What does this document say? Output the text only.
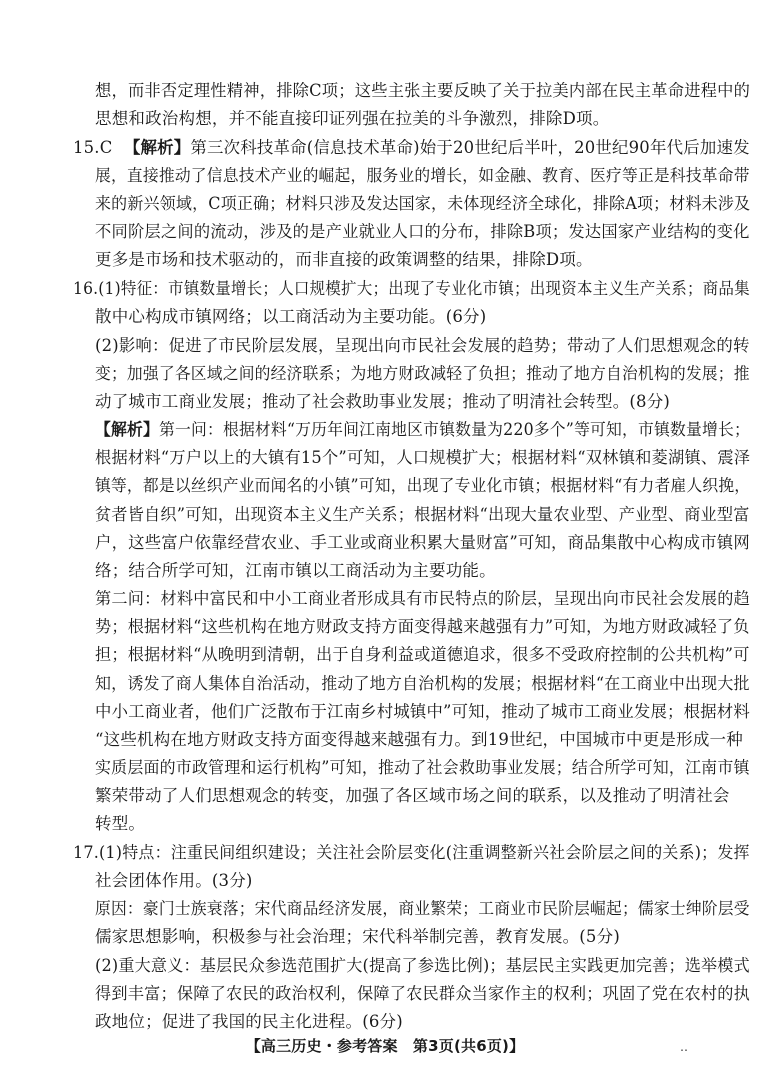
想，而非否定理性精神，排除C项；这些主张主要反映了关于拉美内部在民主革命进程中的
思想和政治构想，并不能直接印证列强在拉美的斗争激烈，排除D项。
15.C 【解析】第三次科技革命(信息技术革命)始于20世纪后半叶，20世纪90年代后加速发
展，直接推动了信息技术产业的崛起，服务业的增长，如金融、教育、医疗等正是科技革命带
来的新兴领域，C项正确；材料只涉及发达国家，未体现经济全球化，排除A项；材料未涉及
不同阶层之间的流动，涉及的是产业就业人口的分布，排除B项；发达国家产业结构的变化
更多是市场和技术驱动的，而非直接的政策调整的结果，排除D项。
16.(1)特征：市镇数量增长；人口规模扩大；出现了专业化市镇；出现资本主义生产关系；商品集
散中心构成市镇网络；以工商活动为主要功能。(6分)
(2)影响：促进了市民阶层发展，呈现出向市民社会发展的趋势；带动了人们思想观念的转
变；加强了各区域之间的经济联系；为地方财政减轻了负担；推动了地方自治机构的发展；推
动了城市工商业发展；推动了社会救助事业发展；推动了明清社会转型。(8分)
【解析】第一问：根据材料“万历年间江南地区市镇数量为220多个”等可知，市镇数量增长；
根据材料“万户以上的大镇有15个”可知，人口规模扩大；根据材料“双林镇和菱湖镇、震泽
镇等，都是以丝织产业而闻名的小镇”可知，出现了专业化市镇；根据材料“有力者雇人织挽，
贫者皆自织”可知，出现资本主义生产关系；根据材料“出现大量农业型、产业型、商业型富
户，这些富户依靠经营农业、手工业或商业积累大量财富”可知，商品集散中心构成市镇网
络；结合所学可知，江南市镇以工商活动为主要功能。
第二问：材料中富民和中小工商业者形成具有市民特点的阶层，呈现出向市民社会发展的趋
势；根据材料“这些机构在地方财政支持方面变得越来越强有力”可知，为地方财政减轻了负
担；根据材料“从晚明到清朝，出于自身利益或道德追求，很多不受政府控制的公共机构”可
知，诱发了商人集体自治活动，推动了地方自治机构的发展；根据材料“在工商业中出现大批
中小工商业者，他们广泛散布于江南乡村城镇中”可知，推动了城市工商业发展；根据材料
“这些机构在地方财政支持方面变得越来越强有力。到19世纪，中国城市中更是形成一种
实质层面的市政管理和运行机构”可知，推动了社会救助事业发展；结合所学可知，江南市镇
繁荣带动了人们思想观念的转变，加强了各区域市场之间的联系，以及推动了明清社会
转型。
17.(1)特点：注重民间组织建设；关注社会阶层变化(注重调整新兴社会阶层之间的关系)；发挥
社会团体作用。(3分)
原因：豪门士族衰落；宋代商品经济发展，商业繁荣；工商业市民阶层崛起；儒家士绅阶层受
儒家思想影响，积极参与社会治理；宋代科举制完善，教育发展。(5分)
(2)重大意义：基层民众参选范围扩大(提高了参选比例)；基层民主实践更加完善；选举模式
得到丰富；保障了农民的政治权利，保障了农民群众当家作主的权利；巩固了党在农村的执
政地位；促进了我国的民主化进程。(6分)
【高三历史・参考答案　第3页(共6页)】	‥
